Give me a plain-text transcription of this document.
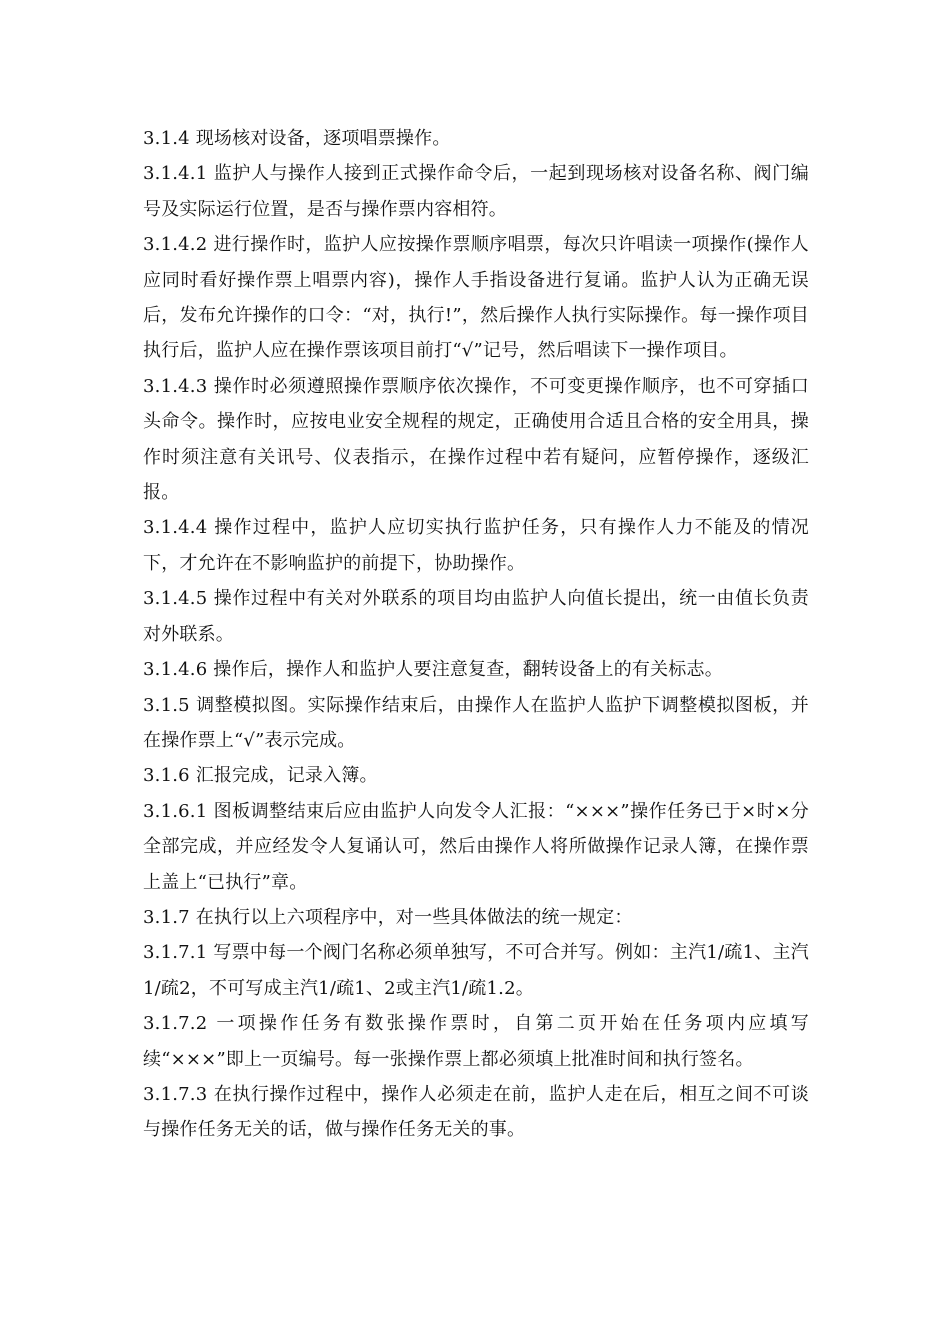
3.1.4 现场核对设备，逐项唱票操作。

3.1.4.1 监护人与操作人接到正式操作命令后，一起到现场核对设备名称、阀门编号及实际运行位置，是否与操作票内容相符。

3.1.4.2 进行操作时，监护人应按操作票顺序唱票，每次只许唱读一项操作(操作人应同时看好操作票上唱票内容)，操作人手指设备进行复诵。监护人认为正确无误后，发布允许操作的口令：“对，执行!”，然后操作人执行实际操作。每一操作项目执行后，监护人应在操作票该项目前打“√”记号，然后唱读下一操作项目。

3.1.4.3 操作时必须遵照操作票顺序依次操作，不可变更操作顺序，也不可穿插口头命令。操作时，应按电业安全规程的规定，正确使用合适且合格的安全用具，操作时须注意有关讯号、仪表指示，在操作过程中若有疑问，应暂停操作，逐级汇报。

3.1.4.4 操作过程中，监护人应切实执行监护任务，只有操作人力不能及的情况下，才允许在不影响监护的前提下，协助操作。

3.1.4.5 操作过程中有关对外联系的项目均由监护人向值长提出，统一由值长负责对外联系。

3.1.4.6 操作后，操作人和监护人要注意复查，翻转设备上的有关标志。

3.1.5 调整模拟图。实际操作结束后，由操作人在监护人监护下调整模拟图板，并在操作票上“√”表示完成。

3.1.6 汇报完成，记录入簿。

3.1.6.1 图板调整结束后应由监护人向发令人汇报：“×××”操作任务已于×时×分全部完成，并应经发令人复诵认可，然后由操作人将所做操作记录人簿，在操作票上盖上“已执行”章。

3.1.7 在执行以上六项程序中，对一些具体做法的统一规定：

3.1.7.1 写票中每一个阀门名称必须单独写，不可合并写。例如：主汽1/疏1、主汽1/疏2，不可写成主汽1/疏1、2或主汽1/疏1.2。

3.1.7.2 一项操作任务有数张操作票时，自第二页开始在任务项内应填写续“×××”即上一页编号。每一张操作票上都必须填上批准时间和执行签名。

3.1.7.3 在执行操作过程中，操作人必须走在前，监护人走在后，相互之间不可谈与操作任务无关的话，做与操作任务无关的事。
